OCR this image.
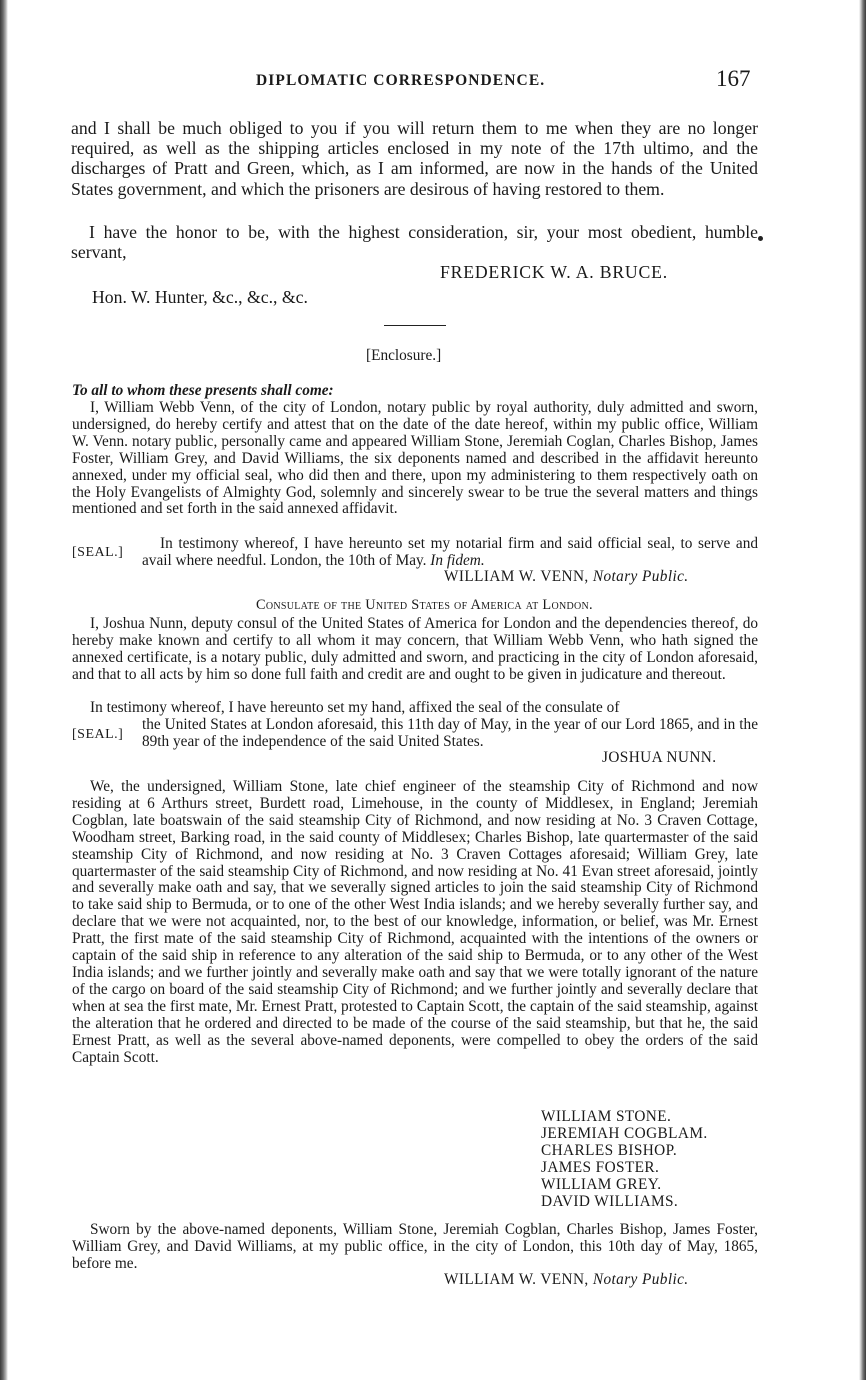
DIPLOMATIC CORRESPONDENCE.	167

and I shall be much obliged to you if you will return them to me when they are no longer required, as well as the shipping articles enclosed in my note of the 17th ultimo, and the discharges of Pratt and Green, which, as I am informed, are now in the hands of the United States government, and which the prisoners are desirous of having restored to them.

I have the honor to be, with the highest consideration, sir, your most obedient, humble servant,

FREDERICK W. A. BRUCE.
Hon. W. Hunter, &c., &c., &c.
[Enclosure.]
To all to whom these presents shall come:

I, William Webb Venn, of the city of London, notary public by royal authority, duly admitted and sworn, undersigned, do hereby certify and attest that on the date of the date hereof, within my public office, William W. Venn. notary public, personally came and appeared William Stone, Jeremiah Coglan, Charles Bishop, James Foster, William Grey, and David Williams, the six deponents named and described in the affidavit hereunto annexed, under my official seal, who did then and there, upon my administering to them respectively oath on the Holy Evangelists of Almighty God, solemnly and sincerely swear to be true the several matters and things mentioned and set forth in the said annexed affidavit.

[SEAL.]

In testimony whereof, I have hereunto set my notarial firm and said official seal, to serve and avail where needful. London, the 10th of May. In fidem.

WILLIAM W. VENN, Notary Public.
Consulate of the United States of America at London.

I, Joshua Nunn, deputy consul of the United States of America for London and the dependencies thereof, do hereby make known and certify to all whom it may concern, that William Webb Venn, who hath signed the annexed certificate, is a notary public, duly admitted and sworn, and practicing in the city of London aforesaid, and that to all acts by him so done full faith and credit are and ought to be given in judicature and thereout.

In testimony whereof, I have hereunto set my hand, affixed the seal of the consulate of

[SEAL.]

the United States at London aforesaid, this 11th day of May, in the year of our Lord 1865, and in the 89th year of the independence of the said United States.

JOSHUA NUNN.

We, the undersigned, William Stone, late chief engineer of the steamship City of Richmond and now residing at 6 Arthurs street, Burdett road, Limehouse, in the county of Middlesex, in England; Jeremiah Cogblan, late boatswain of the said steamship City of Richmond, and now residing at No. 3 Craven Cottage, Woodham street, Barking road, in the said county of Middlesex; Charles Bishop, late quartermaster of the said steamship City of Richmond, and now residing at No. 3 Craven Cottages aforesaid; William Grey, late quartermaster of the said steamship City of Richmond, and now residing at No. 41 Evan street aforesaid, jointly and severally make oath and say, that we severally signed articles to join the said steamship City of Richmond to take said ship to Bermuda, or to one of the other West India islands; and we hereby severally further say, and declare that we were not acquainted, nor, to the best of our knowledge, information, or belief, was Mr. Ernest Pratt, the first mate of the said steamship City of Richmond, acquainted with the intentions of the owners or captain of the said ship in reference to any alteration of the said ship to Bermuda, or to any other of the West India islands; and we further jointly and severally make oath and say that we were totally ignorant of the nature of the cargo on board of the said steamship City of Richmond; and we further jointly and severally declare that when at sea the first mate, Mr. Ernest Pratt, protested to Captain Scott, the captain of the said steamship, against the alteration that he ordered and directed to be made of the course of the said steamship, but that he, the said Ernest Pratt, as well as the several above-named deponents, were compelled to obey the orders of the said Captain Scott.

WILLIAM STONE.
JEREMIAH COGBLAM.
CHARLES BISHOP.
JAMES FOSTER.
WILLIAM GREY.
DAVID WILLIAMS.

Sworn by the above-named deponents, William Stone, Jeremiah Cogblan, Charles Bishop, James Foster, William Grey, and David Williams, at my public office, in the city of London, this 10th day of May, 1865, before me.

WILLIAM W. VENN, Notary Public.
